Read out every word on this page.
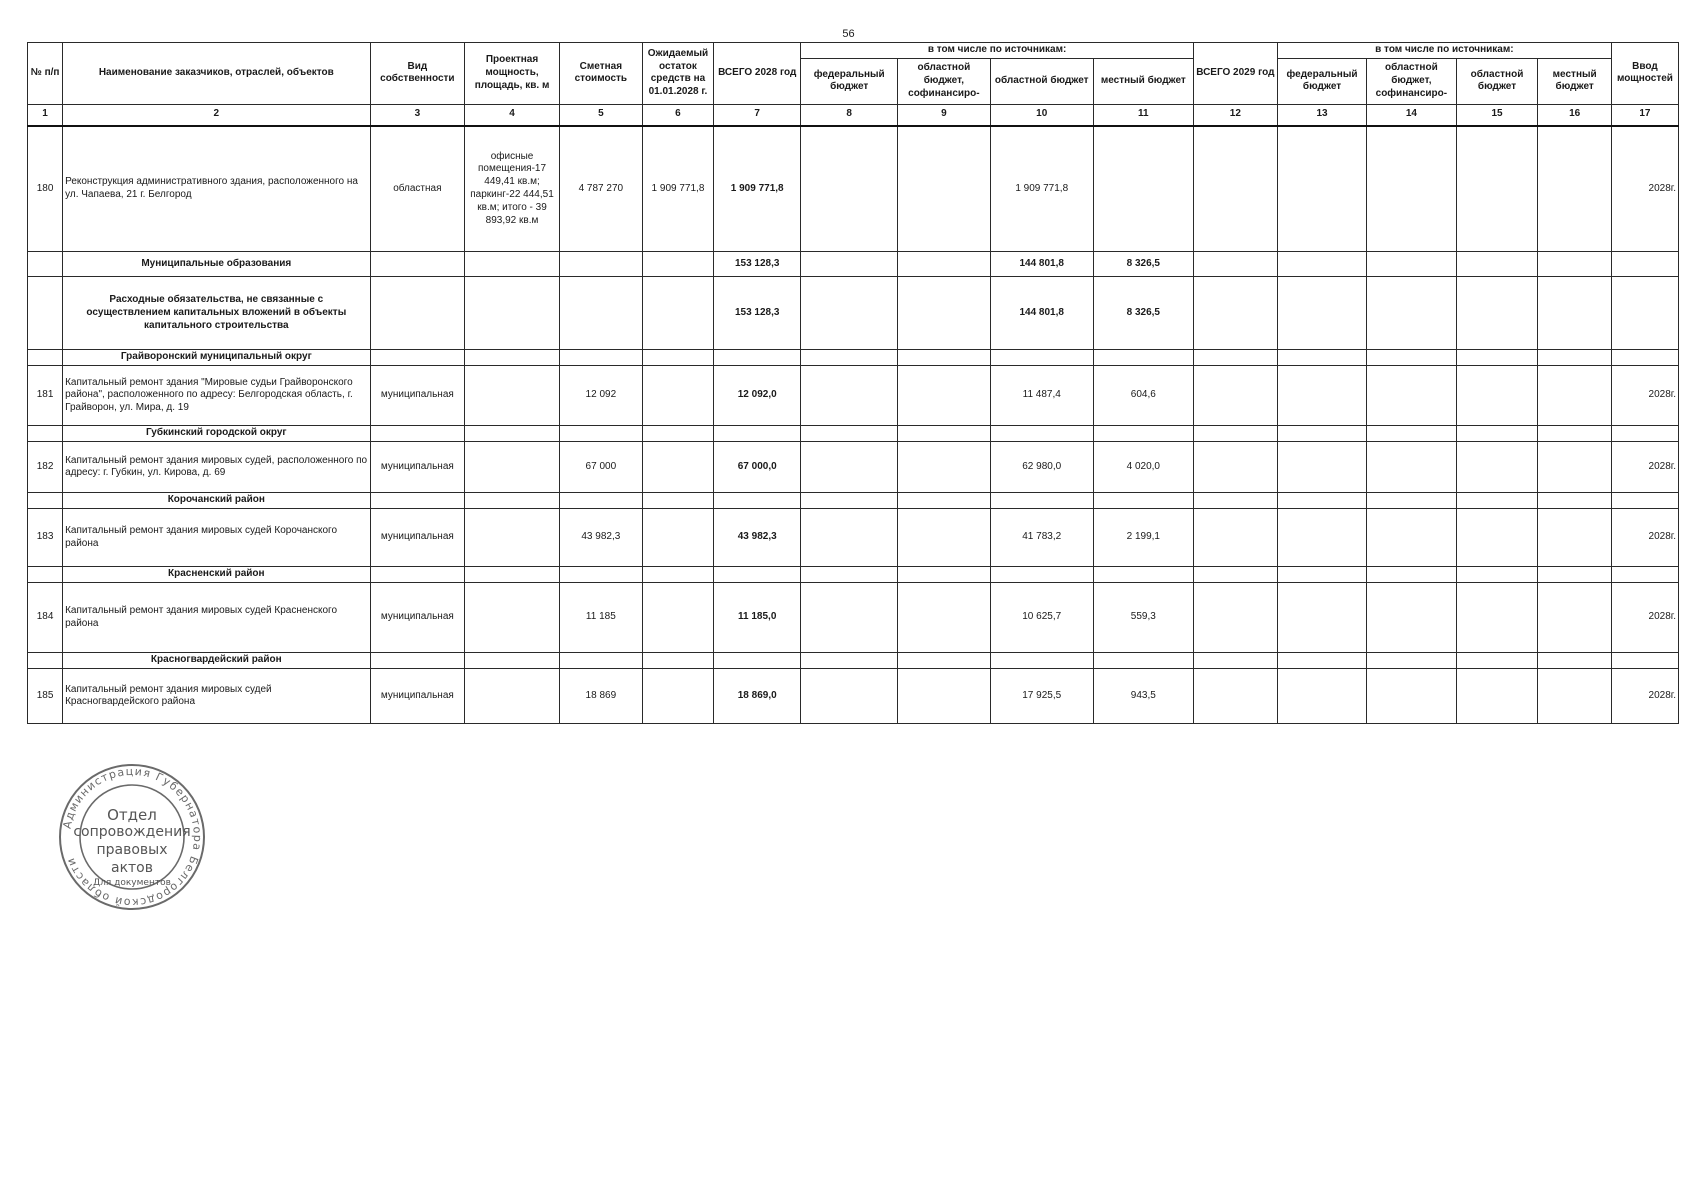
56
№ п/п	Наименование заказчиков, отраслей, объектов	Вид собственности	Проектная мощность, площадь, кв. м	Сметная стоимость	Ожидаемый остаток средств на 01.01.2028 г.	ВСЕГО 2028 год	в том числе по источникам:				ВСЕГО 2029 год	в том числе по источникам:				Ввод мощностей
							федеральный бюджет	областной бюджет, софинансиро-	областной бюджет	местный бюджет		федеральный бюджет	областной бюджет, софинансиро-	областной бюджет	местный бюджет	
1	2	3	4	5	6	7	8	9	10	11	12	13	14	15	16	17
180	Реконструкция административного здания, расположенного на ул. Чапаева, 21 г. Белгород	областная	офисные помещения-17 449,41 кв.м; паркинг-22 444,51 кв.м; итого - 39 893,92 кв.м	4 787 270	1 909 771,8	1 909 771,8			1 909 771,8							2028г.
	Муниципальные образования					153 128,3			144 801,8	8 326,5						
	Расходные обязательства, не связанные с осуществлением капитальных вложений в объекты капитального строительства					153 128,3			144 801,8	8 326,5						
	Грайворонский муниципальный округ															
181	Капитальный ремонт здания "Мировые судьи Грайворонского района", расположенного по адресу: Белгородская область, г. Грайворон, ул. Мира, д. 19	муниципальная		12 092		12 092,0			11 487,4	604,6						2028г.
	Губкинский городской округ															
182	Капитальный ремонт здания мировых судей, расположенного по адресу: г. Губкин, ул. Кирова, д. 69	муниципальная		67 000		67 000,0			62 980,0	4 020,0						2028г.
	Корочанский район															
183	Капитальный ремонт здания мировых судей Корочанского района	муниципальная		43 982,3		43 982,3			41 783,2	2 199,1						2028г.
	Красненский район															
184	Капитальный ремонт здания мировых судей Красненского района	муниципальная		11 185		11 185,0			10 625,7	559,3						2028г.
	Красногвардейский район															
185	Капитальный ремонт здания мировых судей Красногвардейского района	муниципальная		18 869		18 869,0			17 925,5	943,5						2028г.
Администрация Губернатора Белгородской области
Отдел
сопровождения
правовых
актов
Для документов
